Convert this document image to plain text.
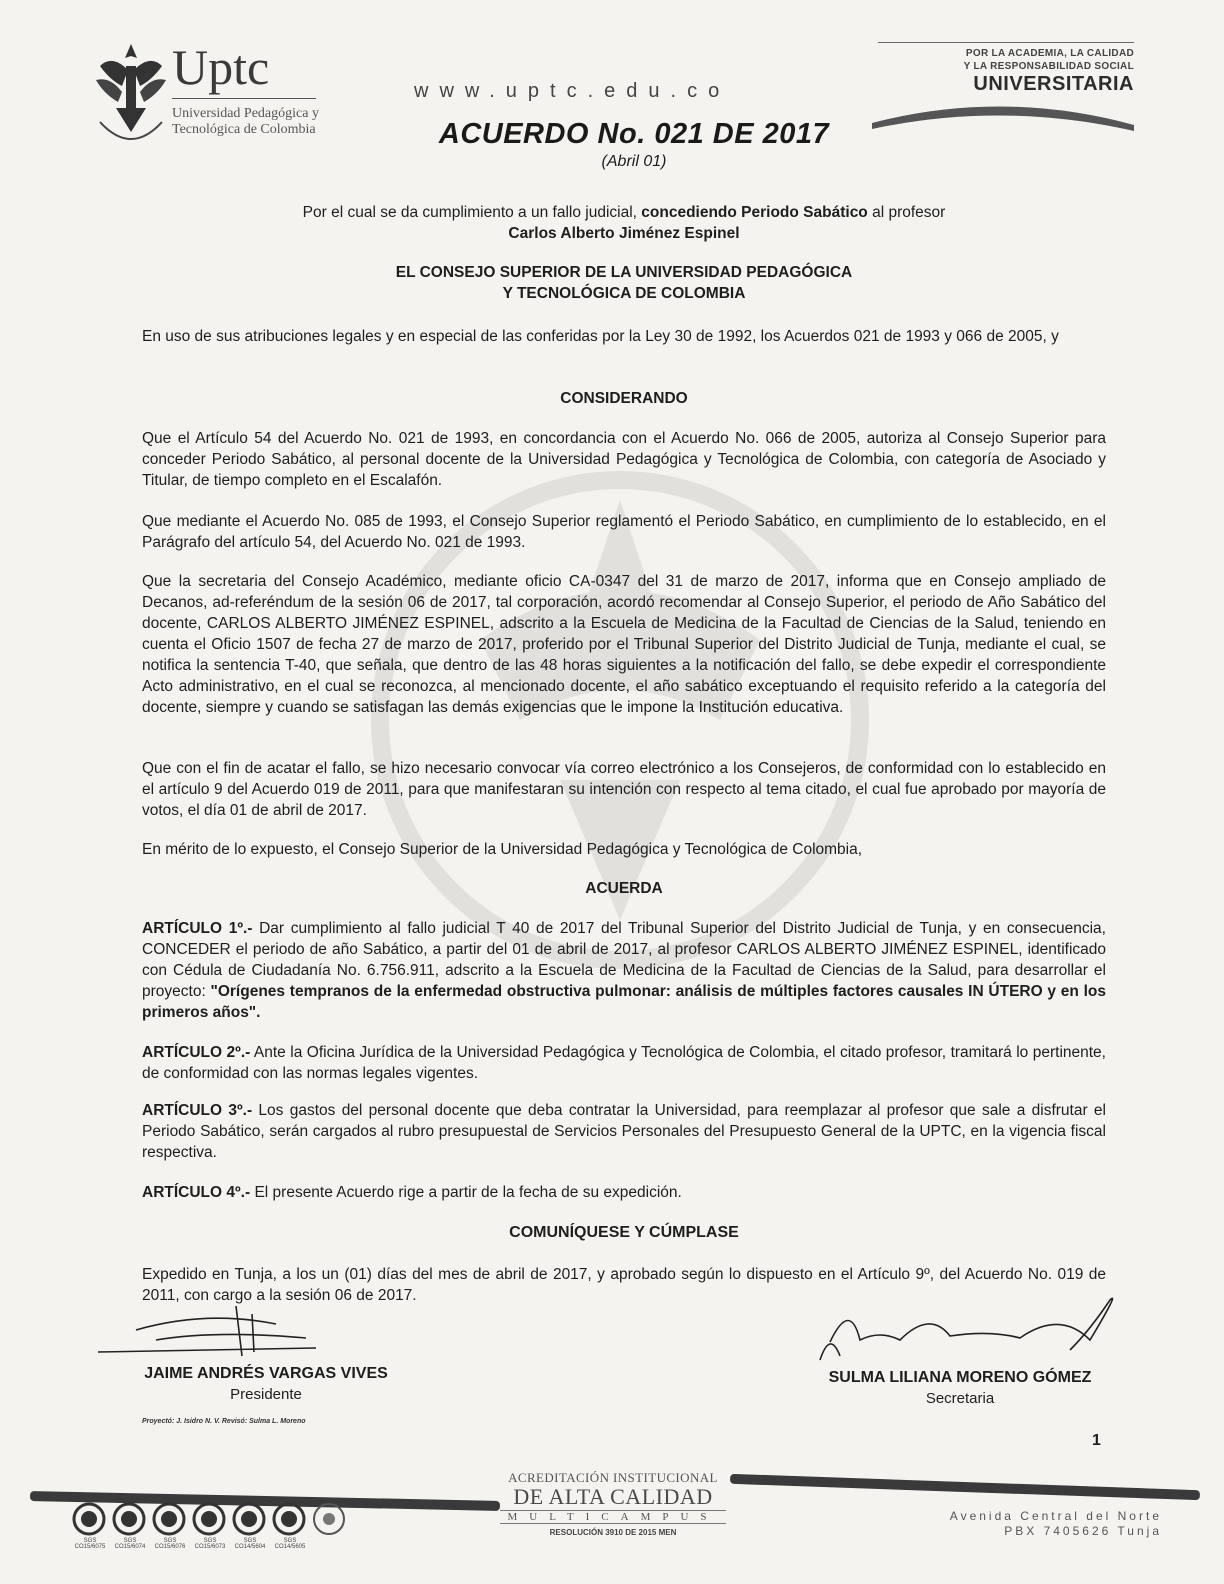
Uptc
Universidad Pedagógica y
Tecnológica de Colombia
www.uptc.edu.co
POR LA ACADEMIA, LA CALIDAD
Y LA RESPONSABILIDAD SOCIAL
UNIVERSITARIA
ACUERDO No. 021 DE 2017
(Abril 01)

Por el cual se da cumplimiento a un fallo judicial, concediendo Periodo Sabático al profesor

Carlos Alberto Jiménez Espinel

EL CONSEJO SUPERIOR DE LA UNIVERSIDAD PEDAGÓGICA

Y TECNOLÓGICA DE COLOMBIA

En uso de sus atribuciones legales y en especial de las conferidas por la Ley 30 de 1992, los Acuerdos 021 de 1993 y 066 de 2005, y
CONSIDERANDO
Que el Artículo 54 del Acuerdo No. 021 de 1993, en concordancia con el Acuerdo No. 066 de 2005, autoriza al Consejo Superior para conceder Periodo Sabático, al personal docente de la Universidad Pedagógica y Tecnológica de Colombia, con categoría de Asociado y Titular, de tiempo completo en el Escalafón.
Que mediante el Acuerdo No. 085 de 1993, el Consejo Superior reglamentó el Periodo Sabático, en cumplimiento de lo establecido, en el Parágrafo del artículo 54, del Acuerdo No. 021 de 1993.
Que la secretaria del Consejo Académico, mediante oficio CA-0347 del 31 de marzo de 2017, informa que en Consejo ampliado de Decanos, ad-referéndum de la sesión 06 de 2017, tal corporación, acordó recomendar al Consejo Superior, el periodo de Año Sabático del docente, CARLOS ALBERTO JIMÉNEZ ESPINEL, adscrito a la Escuela de Medicina de la Facultad de Ciencias de la Salud, teniendo en cuenta el Oficio 1507 de fecha 27 de marzo de 2017, proferido por el Tribunal Superior del Distrito Judicial de Tunja, mediante el cual, se notifica la sentencia T-40, que señala, que dentro de las 48 horas siguientes a la notificación del fallo, se debe expedir el correspondiente Acto administrativo, en el cual se reconozca, al mencionado docente, el año sabático exceptuando el requisito referido a la categoría del docente, siempre y cuando se satisfagan las demás exigencias que le impone la Institución educativa.
Que con el fin de acatar el fallo, se hizo necesario convocar vía correo electrónico a los Consejeros, de conformidad con lo establecido en el artículo 9 del Acuerdo 019 de 2011, para que manifestaran su intención con respecto al tema citado, el cual fue aprobado por mayoría de votos, el día 01 de abril de 2017.
En mérito de lo expuesto, el Consejo Superior de la Universidad Pedagógica y Tecnológica de Colombia,
ACUERDA
ARTÍCULO 1º.- Dar cumplimiento al fallo judicial T 40 de 2017 del Tribunal Superior del Distrito Judicial de Tunja, y en consecuencia, CONCEDER el periodo de año Sabático, a partir del 01 de abril de 2017, al profesor CARLOS ALBERTO JIMÉNEZ ESPINEL, identificado con Cédula de Ciudadanía No. 6.756.911, adscrito a la Escuela de Medicina de la Facultad de Ciencias de la Salud, para desarrollar el proyecto: "Orígenes tempranos de la enfermedad obstructiva pulmonar: análisis de múltiples factores causales IN ÚTERO y en los primeros años".
ARTÍCULO 2º.- Ante la Oficina Jurídica de la Universidad Pedagógica y Tecnológica de Colombia, el citado profesor, tramitará lo pertinente, de conformidad con las normas legales vigentes.
ARTÍCULO 3º.- Los gastos del personal docente que deba contratar la Universidad, para reemplazar al profesor que sale a disfrutar el Periodo Sabático, serán cargados al rubro presupuestal de Servicios Personales del Presupuesto General de la UPTC, en la vigencia fiscal respectiva.
ARTÍCULO 4º.- El presente Acuerdo rige a partir de la fecha de su expedición.
COMUNÍQUESE Y CÚMPLASE
Expedido en Tunja, a los un (01) días del mes de abril de 2017, y aprobado según lo dispuesto en el Artículo 9º, del Acuerdo No. 019 de 2011, con cargo a la sesión 06 de 2017.
JAIME ANDRÉS VARGAS VIVES
Presidente
SULMA LILIANA MORENO GÓMEZ
Secretaria
Proyectó: J. Isidro N. V. Revisó: Sulma L. Moreno
1
SGS
CO15/6075
SGS
CO15/6074
SGS
CO15/6076
SGS
CO15/6073
SGS
CO14/5604
SGS
CO14/5605
ACREDITACIÓN INSTITUCIONAL
DE ALTA CALIDAD
MULTICAMPUS
RESOLUCIÓN 3910 DE 2015 MEN
Avenida Central del Norte
PBX 7405626 Tunja
